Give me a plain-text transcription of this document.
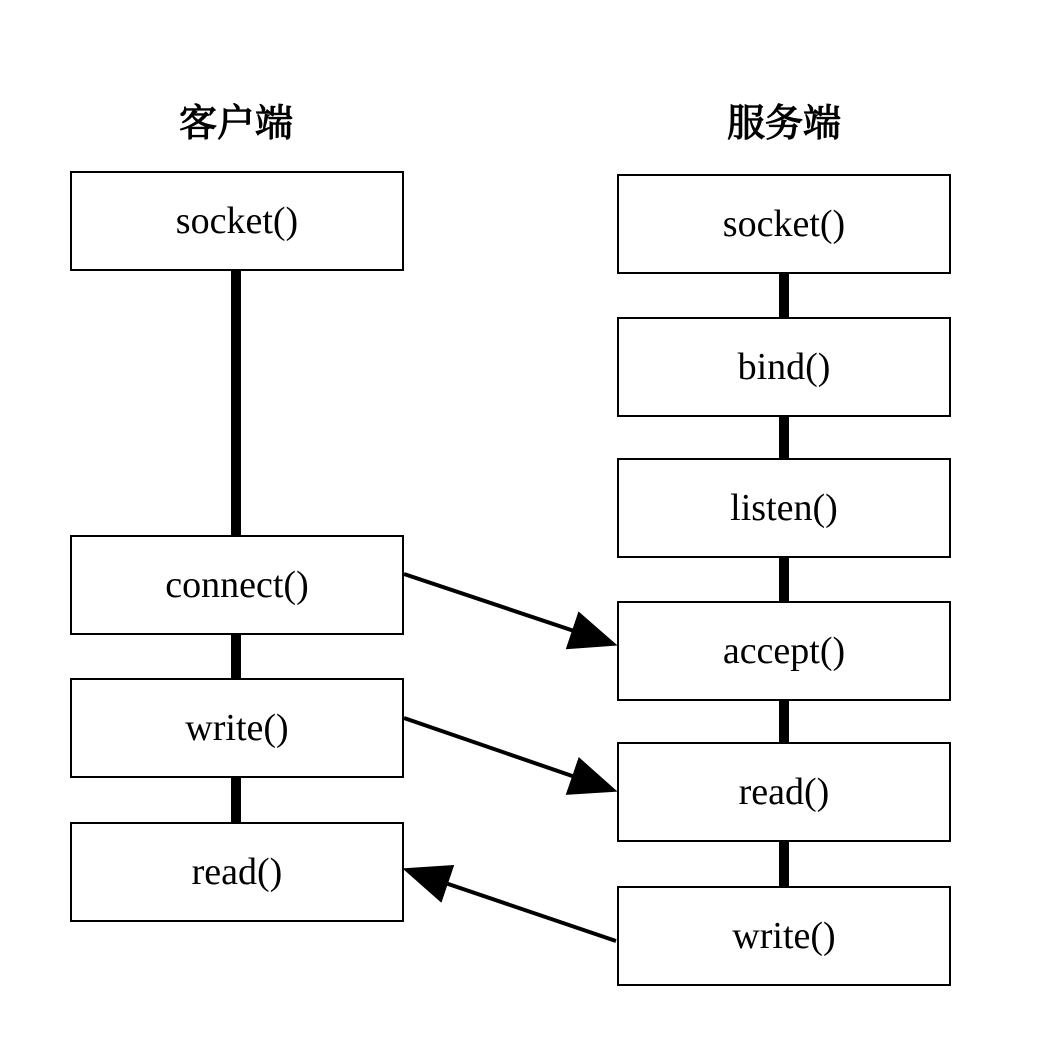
客户端	服务端
socket()
connect()
write()
read()
socket()
bind()
listen()
accept()
read()
write()
